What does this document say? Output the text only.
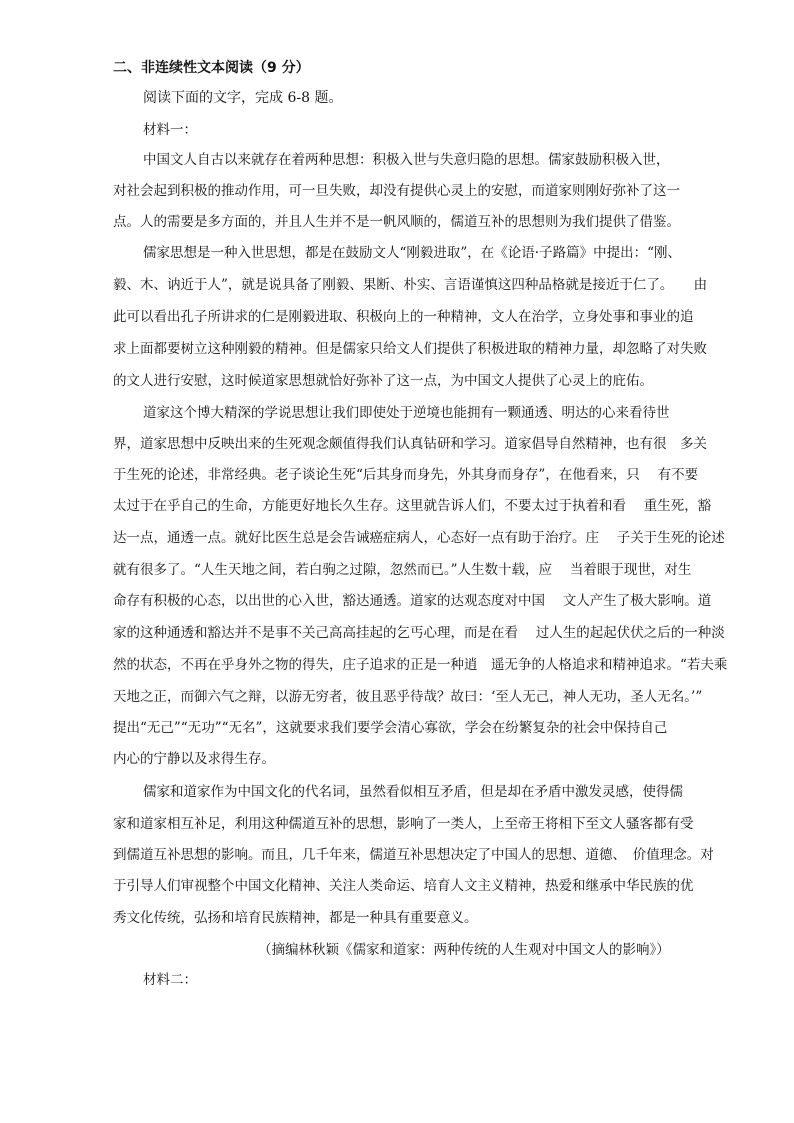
二、非连续性文本阅读（9 分）
阅读下面的文字，完成 6-8 题。
材料一：
中国文人自古以来就存在着两种思想：积极入世与失意归隐的思想。儒家鼓励积极入世，
对社会起到积极的推动作用，可一旦失败，却没有提供心灵上的安慰，而道家则刚好弥补了这一
点。人的需要是多方面的，并且人生并不是一帆风顺的，儒道互补的思想则为我们提供了借鉴。
儒家思想是一种入世思想，都是在鼓励文人“刚毅进取”，在《论语·子路篇》中提出：“刚、
毅、木、讷近于人”，就是说具备了刚毅、果断、朴实、言语谨慎这四种品格就是接近于仁了。　　由
此可以看出孔子所讲求的仁是刚毅进取、积极向上的一种精神，文人在治学，立身处事和事业的追
求上面都要树立这种刚毅的精神。但是儒家只给文人们提供了积极进取的精神力量，却忽略了对失败
的文人进行安慰，这时候道家思想就恰好弥补了这一点，为中国文人提供了心灵上的庇佑。
道家这个博大精深的学说思想让我们即使处于逆境也能拥有一颗通透、明达的心来看待世
界，道家思想中反映出来的生死观念颇值得我们认真钻研和学习。道家倡导自然精神，也有很　多关
于生死的论述，非常经典。老子谈论生死“后其身而身先，外其身而身存”，在他看来，只　 有不要
太过于在乎自己的生命，方能更好地长久生存。这里就告诉人们，不要太过于执着和看　 重生死，豁
达一点，通透一点。就好比医生总是会告诫癌症病人，心态好一点有助于治疗。庄　 子关于生死的论述
就有很多了。“人生天地之间，若白驹之过隙，忽然而已。”人生数十载，应　 当着眼于现世，对生
命存有积极的心态，以出世的心入世，豁达通透。道家的达观态度对中国　 文人产生了极大影响。道
家的这种通透和豁达并不是事不关己高高挂起的乞丐心理，而是在看　 过人生的起起伏伏之后的一种淡
然的状态，不再在乎身外之物的得失，庄子追求的正是一种逍　遥无争的人格追求和精神追求。“若夫乘
天地之正，而御六气之辩，以游无穷者，彼且恶乎待哉？故曰：‘至人无己，神人无功，圣人无名。’”
提出“无己”“无功”“无名”，这就要求我们要学会清心寡欲，学会在纷繁复杂的社会中保持自己
内心的宁静以及求得生存。
儒家和道家作为中国文化的代名词，虽然看似相互矛盾，但是却在矛盾中激发灵感，使得儒
家和道家相互补足，利用这种儒道互补的思想，影响了一类人，上至帝王将相下至文人骚客都有受
到儒道互补思想的影响。而且，几千年来，儒道互补思想决定了中国人的思想、道德、　价值理念。对
于引导人们审视整个中国文化精神、关注人类命运、培育人文主义精神，热爱和继承中华民族的优
秀文化传统，弘扬和培育民族精神，都是一种具有重要意义。
（摘编林秋颖《儒家和道家：两种传统的人生观对中国文人的影响》）
材料二：
